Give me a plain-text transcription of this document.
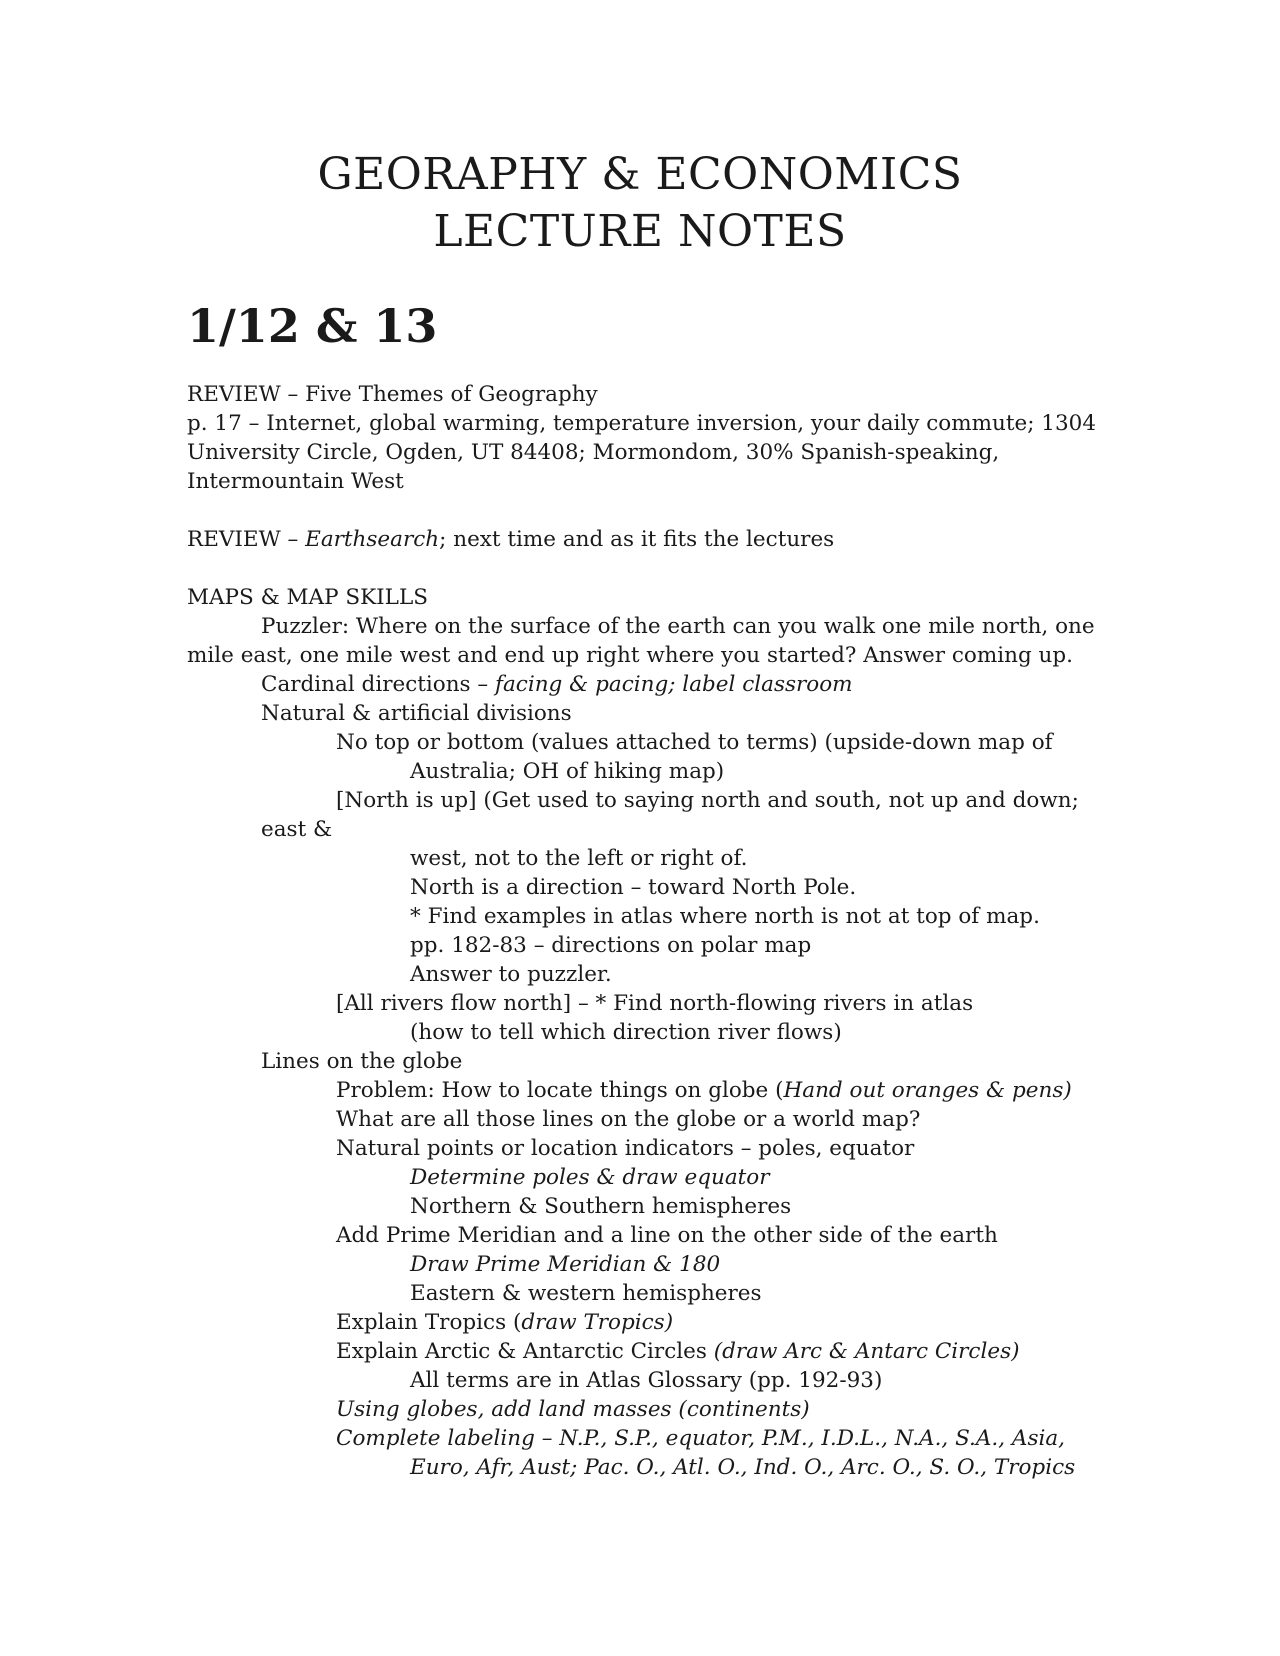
GEORAPHY & ECONOMICS
LECTURE NOTES
1/12 & 13
REVIEW – Five Themes of Geography
p. 17 – Internet, global warming, temperature inversion, your daily commute; 1304
University Circle, Ogden, UT 84408; Mormondom, 30% Spanish-speaking,
Intermountain West
REVIEW – Earthsearch; next time and as it fits the lectures
MAPS & MAP SKILLS
Puzzler: Where on the surface of the earth can you walk one mile north, one
mile east, one mile west and end up right where you started? Answer coming up.
Cardinal directions – facing & pacing; label classroom
Natural & artificial divisions
No top or bottom (values attached to terms) (upside-down map of
Australia; OH of hiking map)
[North is up] (Get used to saying north and south, not up and down;
east &
west, not to the left or right of.
North is a direction – toward North Pole.
* Find examples in atlas where north is not at top of map.
pp. 182-83 – directions on polar map
Answer to puzzler.
[All rivers flow north] – * Find north-flowing rivers in atlas
(how to tell which direction river flows)
Lines on the globe
Problem: How to locate things on globe (Hand out oranges & pens)
What are all those lines on the globe or a world map?
Natural points or location indicators – poles, equator
Determine poles & draw equator
Northern & Southern hemispheres
Add Prime Meridian and a line on the other side of the earth
Draw Prime Meridian & 180
Eastern & western hemispheres
Explain Tropics (draw Tropics)
Explain Arctic & Antarctic Circles (draw Arc & Antarc Circles)
All terms are in Atlas Glossary (pp. 192-93)
Using globes, add land masses (continents)
Complete labeling – N.P., S.P., equator, P.M., I.D.L., N.A., S.A., Asia,
Euro, Afr, Aust; Pac. O., Atl. O., Ind. O., Arc. O., S. O., Tropics
